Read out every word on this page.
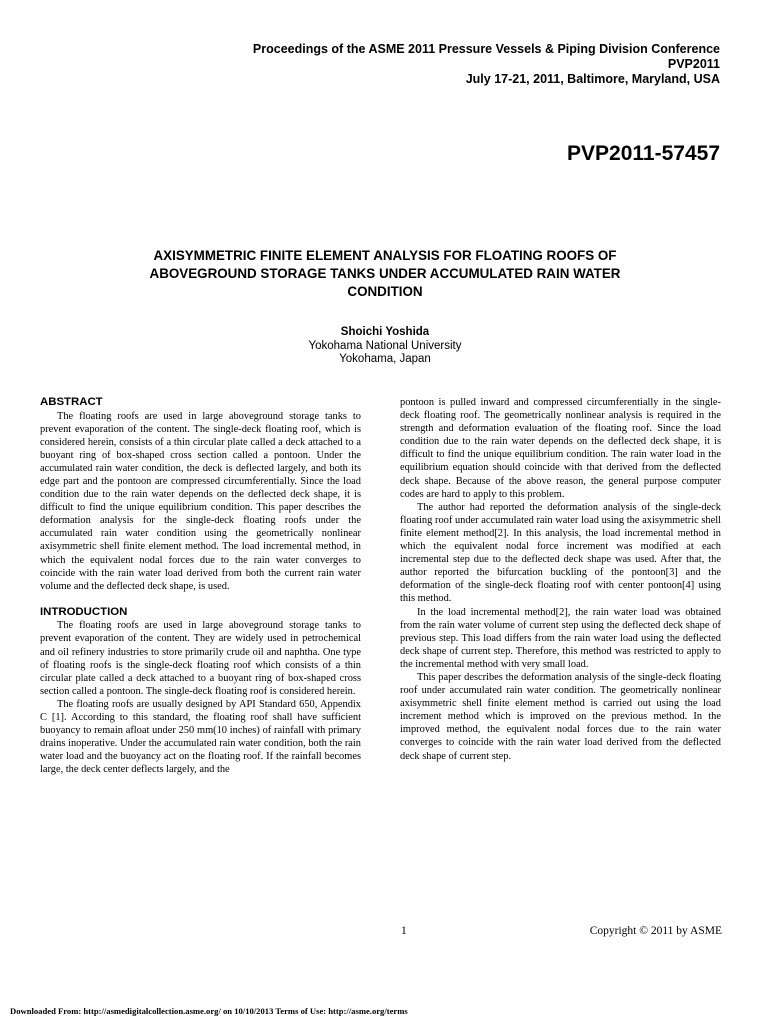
Proceedings of the ASME 2011 Pressure Vessels & Piping Division Conference
PVP2011
July 17-21, 2011, Baltimore, Maryland, USA
PVP2011-57457
AXISYMMETRIC FINITE ELEMENT ANALYSIS FOR FLOATING ROOFS OF
ABOVEGROUND STORAGE TANKS UNDER ACCUMULATED RAIN WATER
CONDITION
Shoichi Yoshida
Yokohama National University
Yokohama, Japan
ABSTRACT

The floating roofs are used in large aboveground storage tanks to prevent evaporation of the content. The single-deck floating roof, which is considered herein, consists of a thin circular plate called a deck attached to a buoyant ring of box-shaped cross section called a pontoon. Under the accumulated rain water condition, the deck is deflected largely, and both its edge part and the pontoon are compressed circumferentially. Since the load condition due to the rain water depends on the deflected deck shape, it is difficult to find the unique equilibrium condition. This paper describes the deformation analysis for the single-deck floating roofs under the accumulated rain water condition using the geometrically nonlinear axisymmetric shell finite element method. The load incremental method, in which the equivalent nodal forces due to the rain water converges to coincide with the rain water load derived from both the current rain water volume and the deflected deck shape, is used.

INTRODUCTION

The floating roofs are used in large aboveground storage tanks to prevent evaporation of the content. They are widely used in petrochemical and oil refinery industries to store primarily crude oil and naphtha. One type of floating roofs is the single-deck floating roof which consists of a thin circular plate called a deck attached to a buoyant ring of box-shaped cross section called a pontoon. The single-deck floating roof is considered herein.

The floating roofs are usually designed by API Standard 650, Appendix C [1]. According to this standard, the floating roof shall have sufficient buoyancy to remain afloat under 250 mm(10 inches) of rainfall with primary drains inoperative. Under the accumulated rain water condition, both the rain water load and the buoyancy act on the floating roof. If the rainfall becomes large, the deck center deflects largely, and the

pontoon is pulled inward and compressed circumferentially in the single-deck floating roof. The geometrically nonlinear analysis is required in the strength and deformation evaluation of the floating roof. Since the load condition due to the rain water depends on the deflected deck shape, it is difficult to find the unique equilibrium condition. The rain water load in the equilibrium equation should coincide with that derived from the deflected deck shape. Because of the above reason, the general purpose computer codes are hard to apply to this problem.

The author had reported the deformation analysis of the single-deck floating roof under accumulated rain water load using the axisymmetric shell finite element method[2]. In this analysis, the load incremental method in which the equivalent nodal force increment was modified at each incremental step due to the deflected deck shape was used. After that, the author reported the bifurcation buckling of the pontoon[3] and the deformation of the single-deck floating roof with center pontoon[4] using this method.

In the load incremental method[2], the rain water load was obtained from the rain water volume of current step using the deflected deck shape of previous step. This load differs from the rain water load using the deflected deck shape of current step. Therefore, this method was restricted to apply to the incremental method with very small load.

This paper describes the deformation analysis of the single-deck floating roof under accumulated rain water condition. The geometrically nonlinear axisymmetric shell finite element method is carried out using the load increment method which is improved on the previous method. In the improved method, the equivalent nodal forces due to the rain water converges to coincide with the rain water load derived from the deflected deck shape of current step.

1	Copyright © 2011 by ASME
Downloaded From: http://asmedigitalcollection.asme.org/ on 10/10/2013 Terms of Use: http://asme.org/terms
